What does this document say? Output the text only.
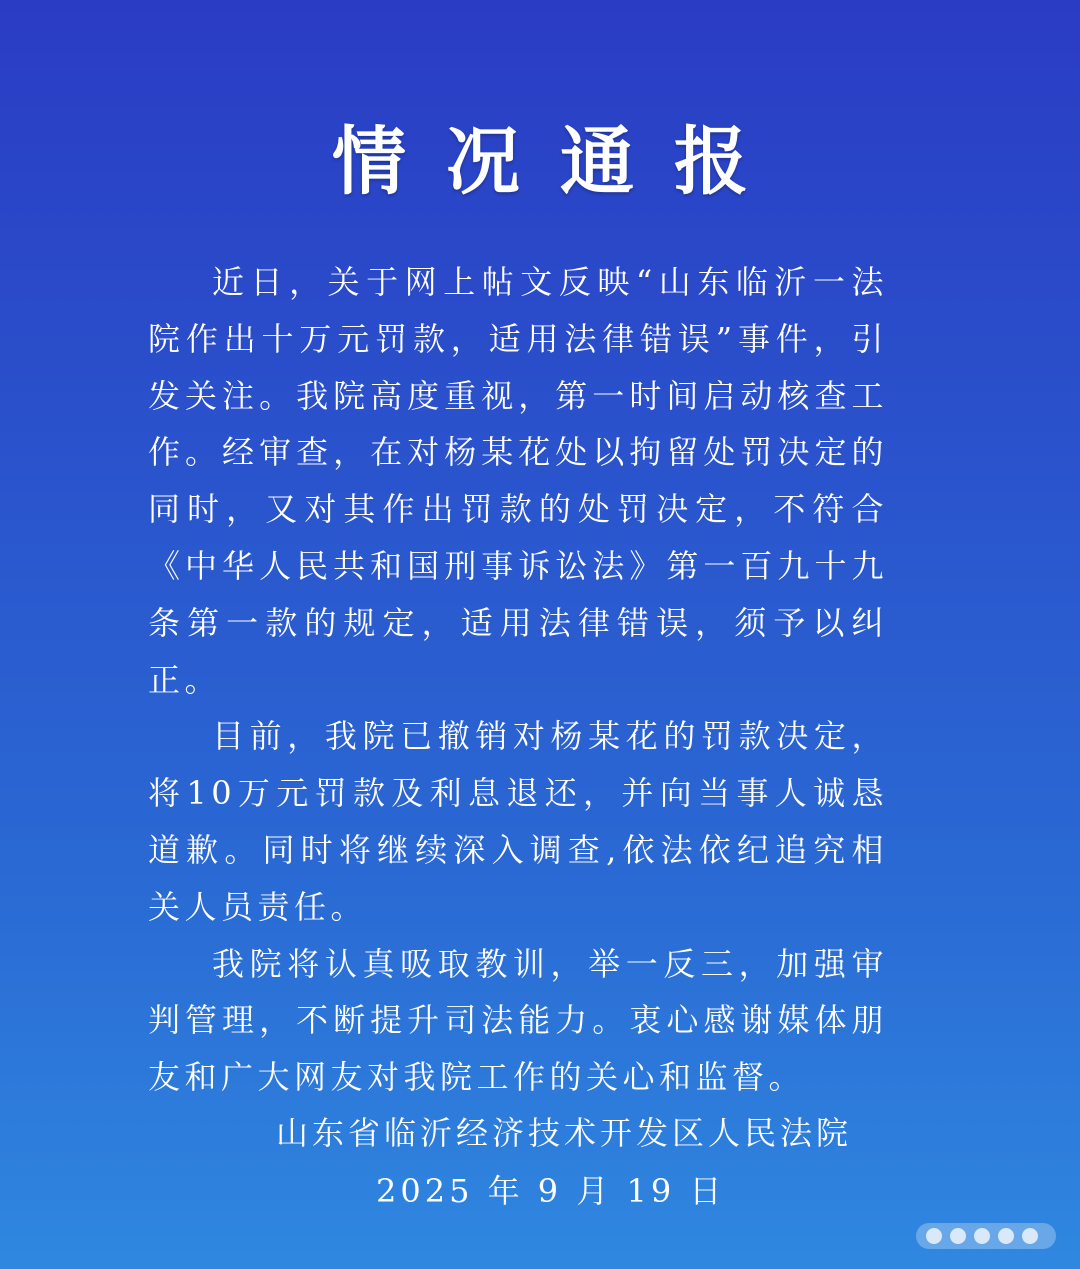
情况通报

近日，关于网上帖文反映“山东临沂一法院作出十万元罚款，适用法律错误”事件，引发关注。我院高度重视，第一时间启动核查工作。经审查，在对杨某花处以拘留处罚决定的同时，又对其作出罚款的处罚决定，不符合《中华人民共和国刑事诉讼法》第一百九十九条第一款的规定，适用法律错误，须予以纠正。

目前，我院已撤销对杨某花的罚款决定，将10万元罚款及利息退还，并向当事人诚恳道歉。同时将继续深入调查,依法依纪追究相关人员责任。

我院将认真吸取教训，举一反三，加强审判管理，不断提升司法能力。衷心感谢媒体朋友和广大网友对我院工作的关心和监督。

山东省临沂经济技术开发区人民法院
2025 年 9 月 19 日
